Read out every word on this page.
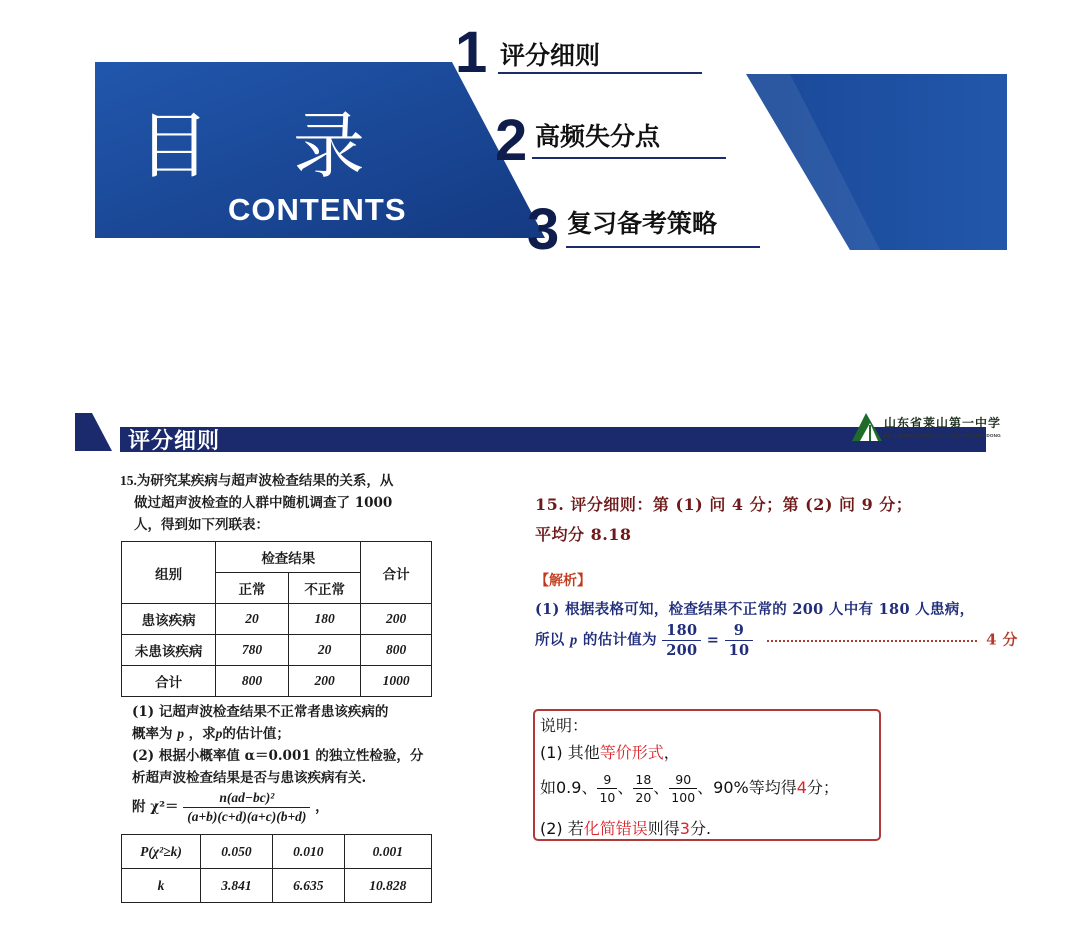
目 录
CONTENTS
1 评分细则
2 高频失分点
3 复习备考策略
评分细则
山东省莱山第一中学
NO. 1 MIDDLE SCHOOL OF LAISHAN SHANDONG
15.为研究某疾病与超声波检查结果的关系，从
做过超声波检查的人群中随机调查了 1000
人，得到如下列联表：
组别	检查结果		合计
	正常	不正常	
患该疾病	20	180	200
未患该疾病	780	20	800
合计	800	200	1000
(1) 记超声波检查结果不正常者患该疾病的
概率为 p ，求p的估计值；
(2) 根据小概率值 α＝0.001 的独立性检验，分
析超声波检查结果是否与患该疾病有关.
附 $\chi^2= \frac{\text{n(ad−bc)²}}{(a+b)(c+d)(a+c)(b+d)}$ ，
P(χ²≥k)	0.050	0.010	0.001
k	3.841	6.635	10.828
15. 评分细则：第 (1) 问 4 分；第 (2) 问 9 分；
平均分 8.18
【解析】
(1) 根据表格可知，检查结果不正常的 200 人中有 180 人患病，
所以 p 的估计值为 $\frac{180}{200} = \frac{9}{10}$	4 分
说明：
(1) 其他等价形式，
如0.9、 $\frac{9}{10}$ 、 $\frac{18}{20}$ 、 $\frac{90}{100}$ 、90%等均得4分；
(2) 若化简错误则得3分.
